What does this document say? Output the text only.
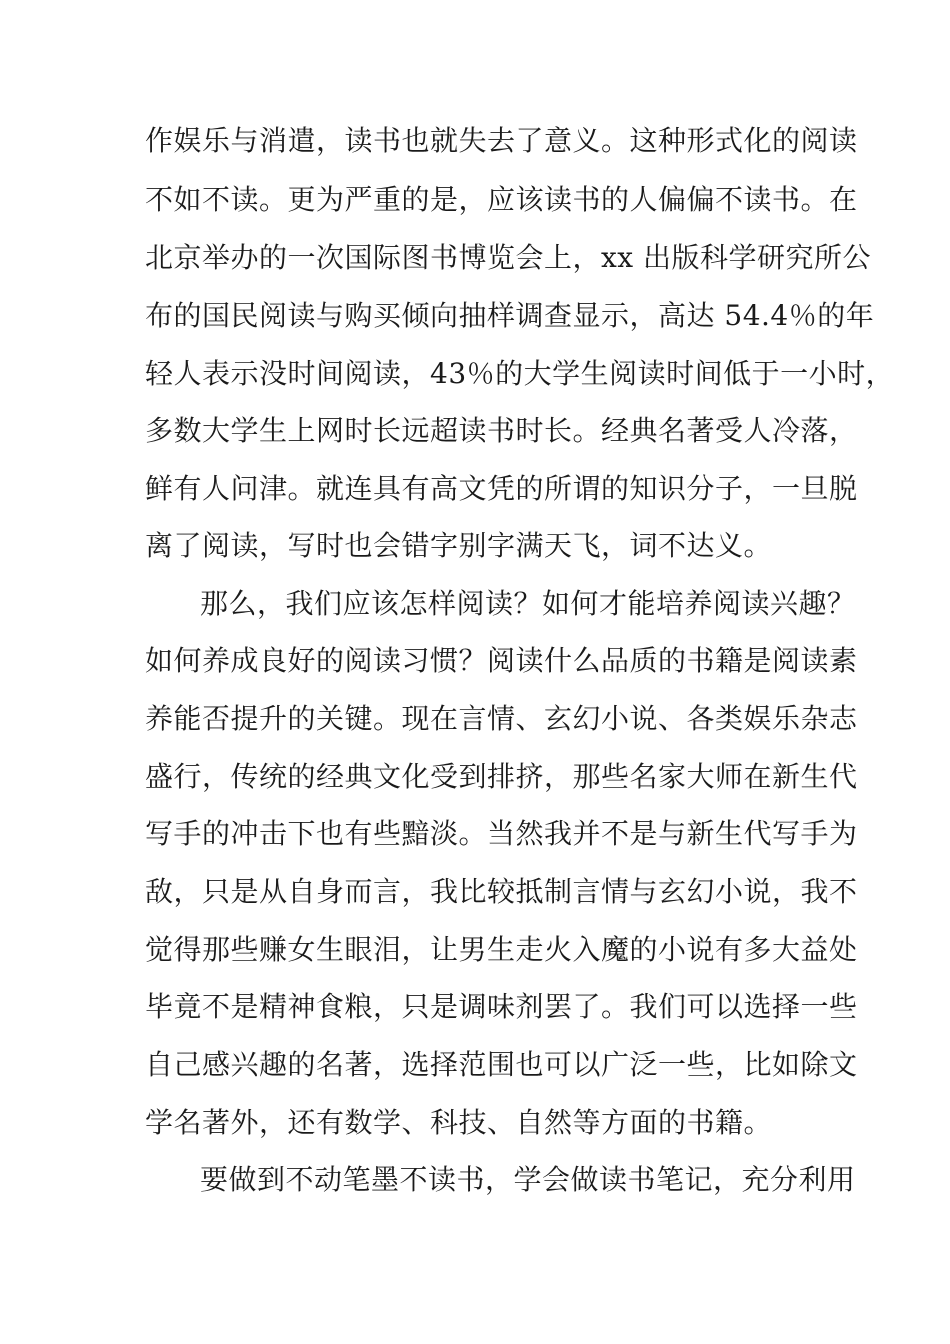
作娱乐与消遣，读书也就失去了意义。这种形式化的阅读
不如不读。更为严重的是，应该读书的人偏偏不读书。在
北京举办的一次国际图书博览会上，xx 出版科学研究所公
布的国民阅读与购买倾向抽样调查显示，高达 54.4％的年
轻人表示没时间阅读，43％的大学生阅读时间低于一小时，
多数大学生上网时长远超读书时长。经典名著受人冷落，
鲜有人问津。就连具有高文凭的所谓的知识分子，一旦脱
离了阅读，写时也会错字别字满天飞，词不达义。
那么，我们应该怎样阅读？如何才能培养阅读兴趣？
如何养成良好的阅读习惯？阅读什么品质的书籍是阅读素
养能否提升的关键。现在言情、玄幻小说、各类娱乐杂志
盛行，传统的经典文化受到排挤，那些名家大师在新生代
写手的冲击下也有些黯淡。当然我并不是与新生代写手为
敌，只是从自身而言，我比较抵制言情与玄幻小说，我不
觉得那些赚女生眼泪，让男生走火入魔的小说有多大益处
毕竟不是精神食粮，只是调味剂罢了。我们可以选择一些
自己感兴趣的名著，选择范围也可以广泛一些，比如除文
学名著外，还有数学、科技、自然等方面的书籍。
要做到不动笔墨不读书，学会做读书笔记，充分利用
